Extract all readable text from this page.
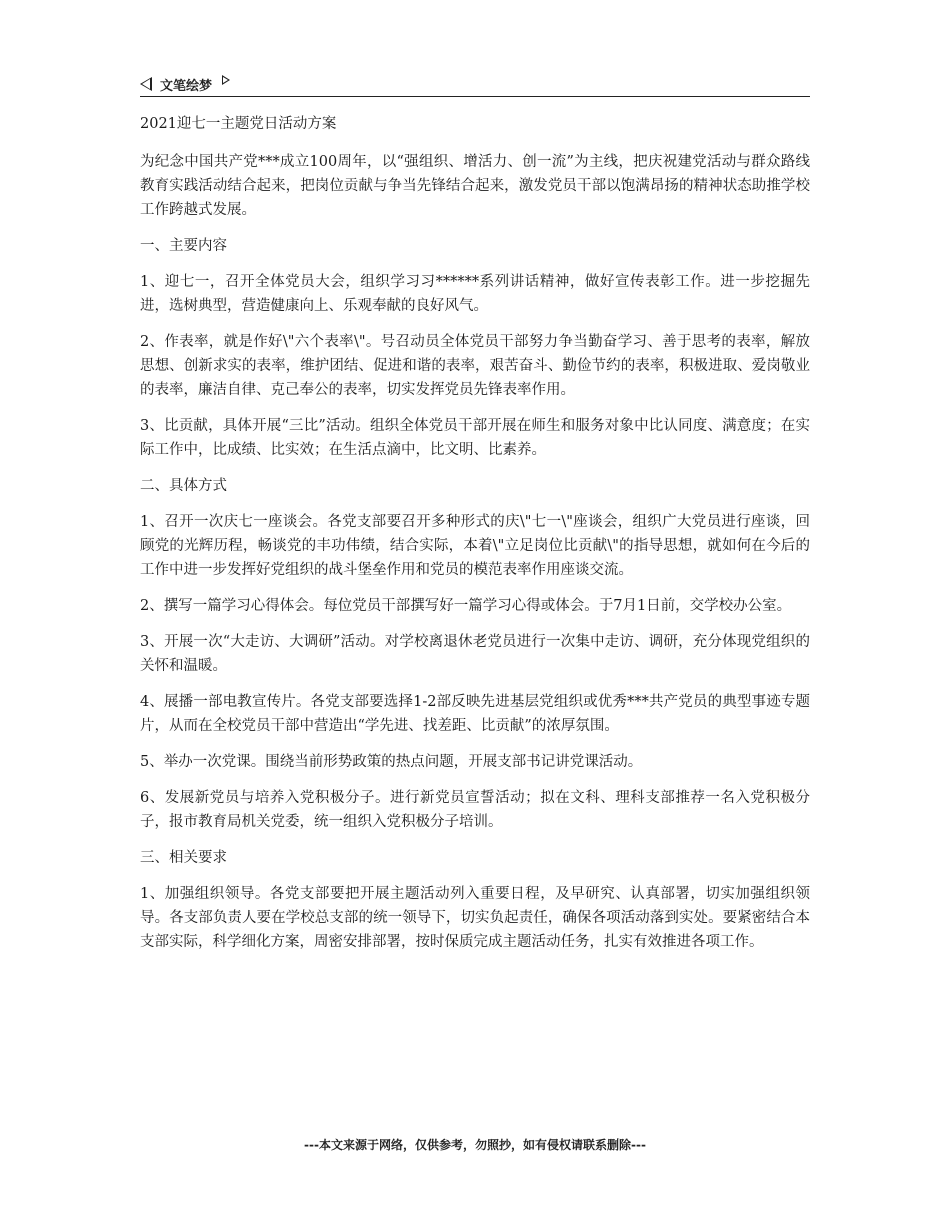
文笔绘梦
2021迎七一主题党日活动方案

为纪念中国共产党***成立100周年，以“强组织、增活力、创一流”为主线，把庆祝建党活动与群众路线教育实践活动结合起来，把岗位贡献与争当先锋结合起来，激发党员干部以饱满昂扬的精神状态助推学校工作跨越式发展。

一、主要内容

1、迎七一，召开全体党员大会，组织学习习******系列讲话精神，做好宣传表彰工作。进一步挖掘先进，选树典型，营造健康向上、乐观奉献的良好风气。

2、作表率，就是作好\"六个表率\"。号召动员全体党员干部努力争当勤奋学习、善于思考的表率，解放思想、创新求实的表率，维护团结、促进和谐的表率，艰苦奋斗、勤俭节约的表率，积极进取、爱岗敬业的表率，廉洁自律、克己奉公的表率，切实发挥党员先锋表率作用。

3、比贡献，具体开展“三比”活动。组织全体党员干部开展在师生和服务对象中比认同度、满意度；在实际工作中，比成绩、比实效；在生活点滴中，比文明、比素养。

二、具体方式

1、召开一次庆七一座谈会。各党支部要召开多种形式的庆\"七一\"座谈会，组织广大党员进行座谈，回顾党的光辉历程，畅谈党的丰功伟绩，结合实际，本着\"立足岗位比贡献\"的指导思想，就如何在今后的工作中进一步发挥好党组织的战斗堡垒作用和党员的模范表率作用座谈交流。

2、撰写一篇学习心得体会。每位党员干部撰写好一篇学习心得或体会。于7月1日前，交学校办公室。

3、开展一次“大走访、大调研”活动。对学校离退休老党员进行一次集中走访、调研，充分体现党组织的关怀和温暖。

4、展播一部电教宣传片。各党支部要选择1-2部反映先进基层党组织或优秀***共产党员的典型事迹专题片，从而在全校党员干部中营造出“学先进、找差距、比贡献”的浓厚氛围。

5、举办一次党课。围绕当前形势政策的热点问题，开展支部书记讲党课活动。

6、发展新党员与培养入党积极分子。进行新党员宣誓活动；拟在文科、理科支部推荐一名入党积极分子，报市教育局机关党委，统一组织入党积极分子培训。

三、相关要求

1、加强组织领导。各党支部要把开展主题活动列入重要日程，及早研究、认真部署，切实加强组织领导。各支部负责人要在学校总支部的统一领导下，切实负起责任，确保各项活动落到实处。要紧密结合本支部实际，科学细化方案，周密安排部署，按时保质完成主题活动任务，扎实有效推进各项工作。

---本文来源于网络，仅供参考，勿照抄，如有侵权请联系删除---
